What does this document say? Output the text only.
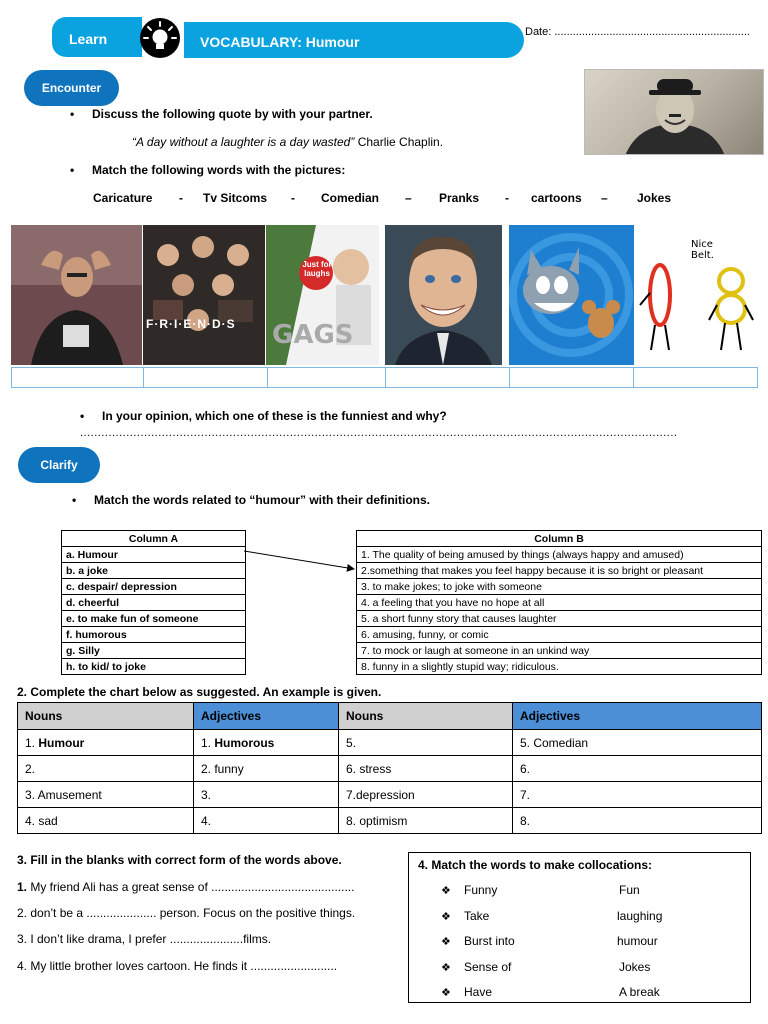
Learn	VOCABULARY: Humour
Date: ................................................................
Encounter
• Discuss the following quote by with your partner.
“A day without a laughter is a day wasted” Charlie Chaplin.
• Match the following words with the pictures:
Caricature - Tv Sitcoms - Comedian – Pranks - cartoons – Jokes
F·R·I·E·N·D·S
Just for laughs
GAGS
Nice Belt.
• In your opinion, which one of these is the funniest and why?
........................................................................................................................................................................
Clarify
• Match the words related to “humour” with their definitions.
Column A
a. Humour
b. a joke
c. despair/ depression
d. cheerful
e. to make fun of someone
f. humorous
g. Silly
h. to kid/ to joke
Column B
1. The quality of being amused by things (always happy and amused)
2.something that makes you feel happy because it is so bright or pleasant
3. to make jokes; to joke with someone
4. a feeling that you have no hope at all
5. a short funny story that causes laughter
6. amusing, funny, or comic
7. to mock or laugh at someone in an unkind way
8. funny in a slightly stupid way; ridiculous.
2. Complete the chart below as suggested. An example is given.
Nouns	Adjectives	Nouns	Adjectives
1. Humour	1. Humorous	5.	5. Comedian
2.	2. funny	6. stress	6.
3. Amusement	3.	7.depression	7.
4. sad	4.	8. optimism	8.
3. Fill in the blanks with correct form of the words above.
1. My friend Ali has a great sense of ...........................................
2. don’t be a ..................... person. Focus on the positive things.
3. I don’t like drama, I prefer ......................films.
4. My little brother loves cartoon. He finds it ..........................
4. Match the words to make collocations:
❖ Funny	Fun
❖ Take	laughing
❖ Burst into	humour
❖ Sense of	Jokes
❖ Have	A break
